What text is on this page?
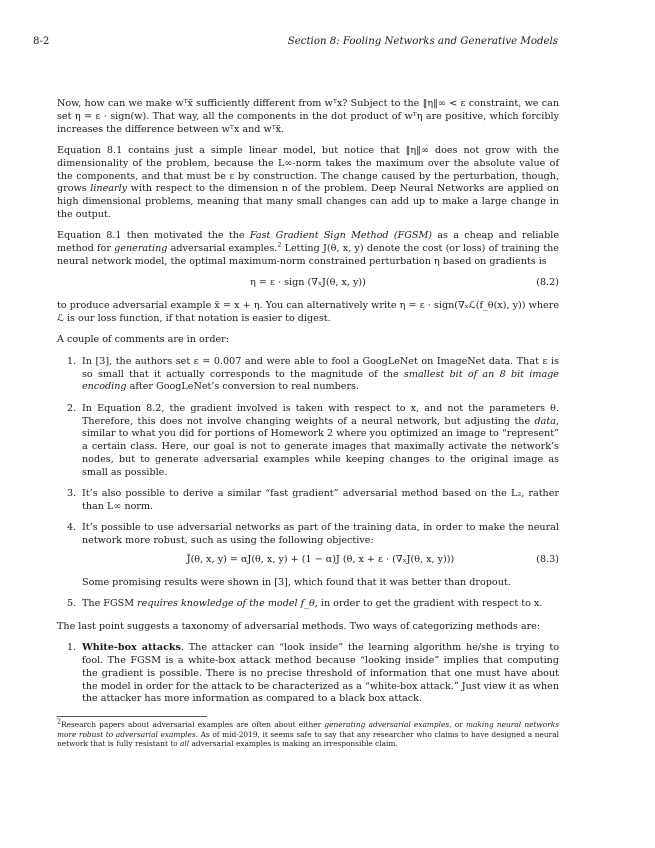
8-2	Section 8: Fooling Networks and Generative Models

Now, how can we make wᵀx̃ sufficiently different from wᵀx? Subject to the ‖η‖∞ < ε constraint, we can set η = ε · sign(w). That way, all the components in the dot product of wᵀη are positive, which forcibly increases the difference between wᵀx and wᵀx̃.

Equation 8.1 contains just a simple linear model, but notice that ‖η‖∞ does not grow with the dimensionality of the problem, because the L∞-norm takes the maximum over the absolute value of the components, and that must be ε by construction. The change caused by the perturbation, though, grows linearly with respect to the dimension n of the problem. Deep Neural Networks are applied on high dimensional problems, meaning that many small changes can add up to make a large change in the output.

Equation 8.1 then motivated the the Fast Gradient Sign Method (FGSM) as a cheap and reliable method for generating adversarial examples.$^2$ Letting J(θ, x, y) denote the cost (or loss) of training the neural network model, the optimal maximum-norm constrained perturbation η based on gradients is

η = ε · sign (∇ₓJ(θ, x, y))	(8.2)

to produce adversarial example x̃ = x + η. You can alternatively write η = ε · sign(∇ₓℒ(f_θ(x), y)) where ℒ is our loss function, if that notation is easier to digest.

A couple of comments are in order:

1. In [3], the authors set ε = 0.007 and were able to fool a GoogLeNet on ImageNet data. That ε is so small that it actually corresponds to the magnitude of the smallest bit of an 8 bit image encoding after GoogLeNet’s conversion to real numbers.
2. In Equation 8.2, the gradient involved is taken with respect to x, and not the parameters θ. Therefore, this does not involve changing weights of a neural network, but adjusting the data, similar to what you did for portions of Homework 2 where you optimized an image to “represent” a certain class. Here, our goal is not to generate images that maximally activate the network’s nodes, but to generate adversarial examples while keeping changes to the original image as small as possible.
3. It’s also possible to derive a similar “fast gradient” adversarial method based on the L₂, rather than L∞ norm.
4. It’s possible to use adversarial networks as part of the training data, in order to make the neural network more robust, such as using the following objective:
J̃(θ, x, y) = αJ(θ, x, y) + (1 − α)J (θ, x + ε · (∇ₓJ(θ, x, y)))	(8.3)
Some promising results were shown in [3], which found that it was better than dropout.
5. The FGSM requires knowledge of the model f_θ, in order to get the gradient with respect to x.

The last point suggests a taxonomy of adversarial methods. Two ways of categorizing methods are:

1. White-box attacks. The attacker can “look inside” the learning algorithm he/she is trying to fool. The FGSM is a white-box attack method because “looking inside” implies that computing the gradient is possible. There is no precise threshold of information that one must have about the model in order for the attack to be characterized as a “white-box attack.” Just view it as when the attacker has more information as compared to a black box attack.
$^2$Research papers about adversarial examples are often about either generating adversarial examples, or making neural networks more robust to adversarial examples. As of mid-2019, it seems safe to say that any researcher who claims to have designed a neural network that is fully resistant to all adversarial examples is making an irresponsible claim.
